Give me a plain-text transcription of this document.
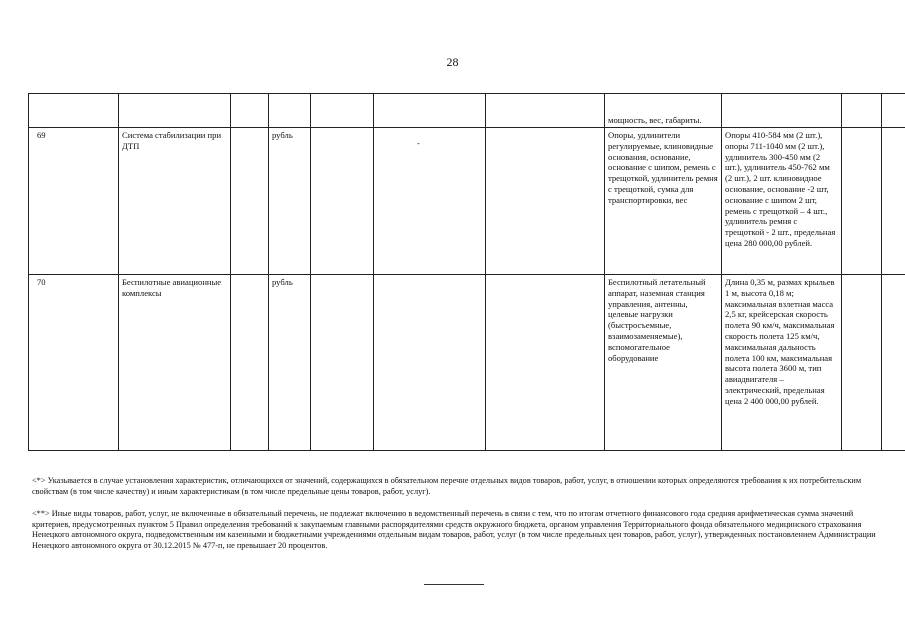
28
							мощность, вес, габариты.				
69	Система стабилизации при ДТП		рубль		-		Опоры, удлинители регулируемые, клиновидные основания, основание, основание с шипом, ремень с трещоткой, удлинитель ремня с трещоткой, сумка для транспортировки, вес	Опоры 410-584 мм (2 шт.), опоры 711-1040 мм (2 шт.), удлинитель 300-450 мм (2 шт.), удлинитель 450-762 мм (2 шт.), 2 шт. клиновидное основание, основание -2 шт, основание с шипом 2 шт, ремень с трещоткой – 4 шт., удлинитель ремня с трещоткой - 2 шт., предельная цена 280 000,00 рублей.			
70	Беспилотные авиационные комплексы		рубль				Беспилотный летательный аппарат, наземная станция управления, антенны, целевые нагрузки (быстросъемные, взаимозаменяемые), вспомогательное оборудование	Длина 0,35 м, размах крыльев 1 м, высота 0,18 м; максимальная взлетная масса 2,5 кг, крейсерская скорость полета 90 км/ч, максимальная скорость полета 125 км/ч, максимальная дальность полета 100 км, максимальная высота полета 3600 м, тип авиадвигателя – электрический, предельная цена 2 400 000,00 рублей.			

<*> Указывается в случае установления характеристик, отличающихся от значений, содержащихся в обязательном перечне отдельных видов товаров, работ, услуг, в отношении которых определяются требования к их потребительским свойствам (в том числе качеству) и иным характеристикам (в том числе предельные цены товаров, работ, услуг).

<**> Иные виды товаров, работ, услуг, не включенные в обязательный перечень, не подлежат включению в ведомственный перечень в связи с тем, что по итогам отчетного финансового года средняя арифметическая сумма значений критериев, предусмотренных пунктом 5 Правил определения требований к закупаемым главными распорядителями средств окружного бюджета, органом управления Территориального фонда обязательного медицинского страхования Ненецкого автономного округа, подведомственным им казенными и бюджетными учреждениями отдельным видам товаров, работ, услуг (в том числе предельных цен товаров, работ, услуг), утвержденных постановлением Администрации Ненецкого автономного округа от 30.12.2015 № 477-п, не превышает 20 процентов.
